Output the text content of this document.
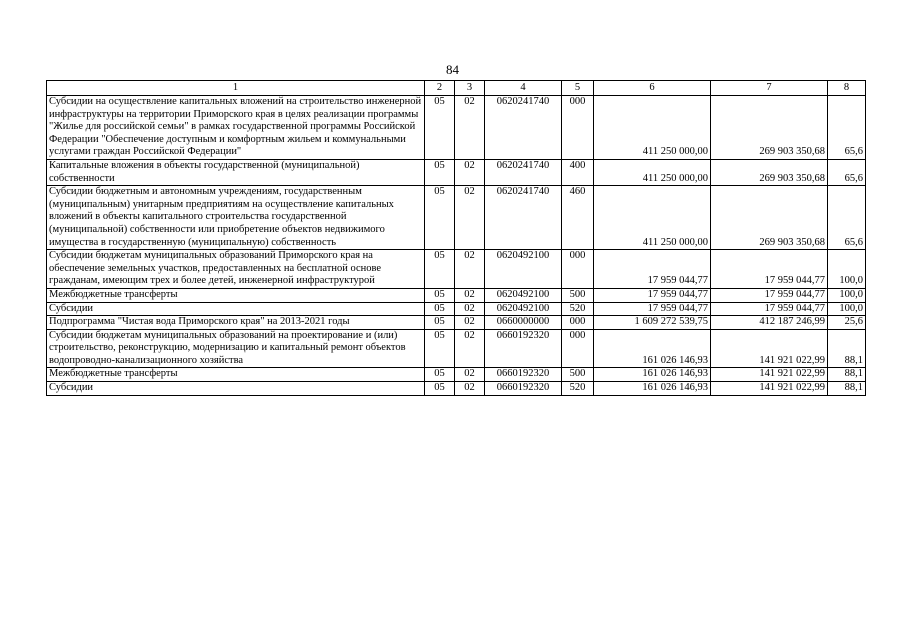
84
1	2	3	4	5	6	7	8
Субсидии на осуществление капитальных вложений на строительство инженерной инфраструктуры на территории Приморского края в целях реализации программы "Жилье для российской семьи" в рамках государственной программы Российской Федерации "Обеспечение доступным и комфортным жильем и коммунальными услугами граждан Российской Федерации"	05	02	0620241740	000	411 250 000,00	269 903 350,68	65,6
Капитальные вложения в объекты государственной (муниципальной) собственности	05	02	0620241740	400	411 250 000,00	269 903 350,68	65,6
Субсидии бюджетным и автономным учреждениям, государственным (муниципальным) унитарным предприятиям на осуществление капитальных вложений в объекты капитального строительства государственной (муниципальной) собственности или приобретение объектов недвижимого имущества в государственную (муниципальную) собственность	05	02	0620241740	460	411 250 000,00	269 903 350,68	65,6
Субсидии бюджетам муниципальных образований Приморского края на обеспечение земельных участков, предоставленных на бесплатной основе гражданам, имеющим трех и более детей, инженерной инфраструктурой	05	02	0620492100	000	17 959 044,77	17 959 044,77	100,0
Межбюджетные трансферты	05	02	0620492100	500	17 959 044,77	17 959 044,77	100,0
Субсидии	05	02	0620492100	520	17 959 044,77	17 959 044,77	100,0
Подпрограмма "Чистая вода Приморского края" на 2013-2021 годы	05	02	0660000000	000	1 609 272 539,75	412 187 246,99	25,6
Субсидии бюджетам муниципальных образований на проектирование и (или) строительство, реконструкцию, модернизацию и капитальный ремонт объектов водопроводно-канализационного хозяйства	05	02	0660192320	000	161 026 146,93	141 921 022,99	88,1
Межбюджетные трансферты	05	02	0660192320	500	161 026 146,93	141 921 022,99	88,1
Субсидии	05	02	0660192320	520	161 026 146,93	141 921 022,99	88,1
